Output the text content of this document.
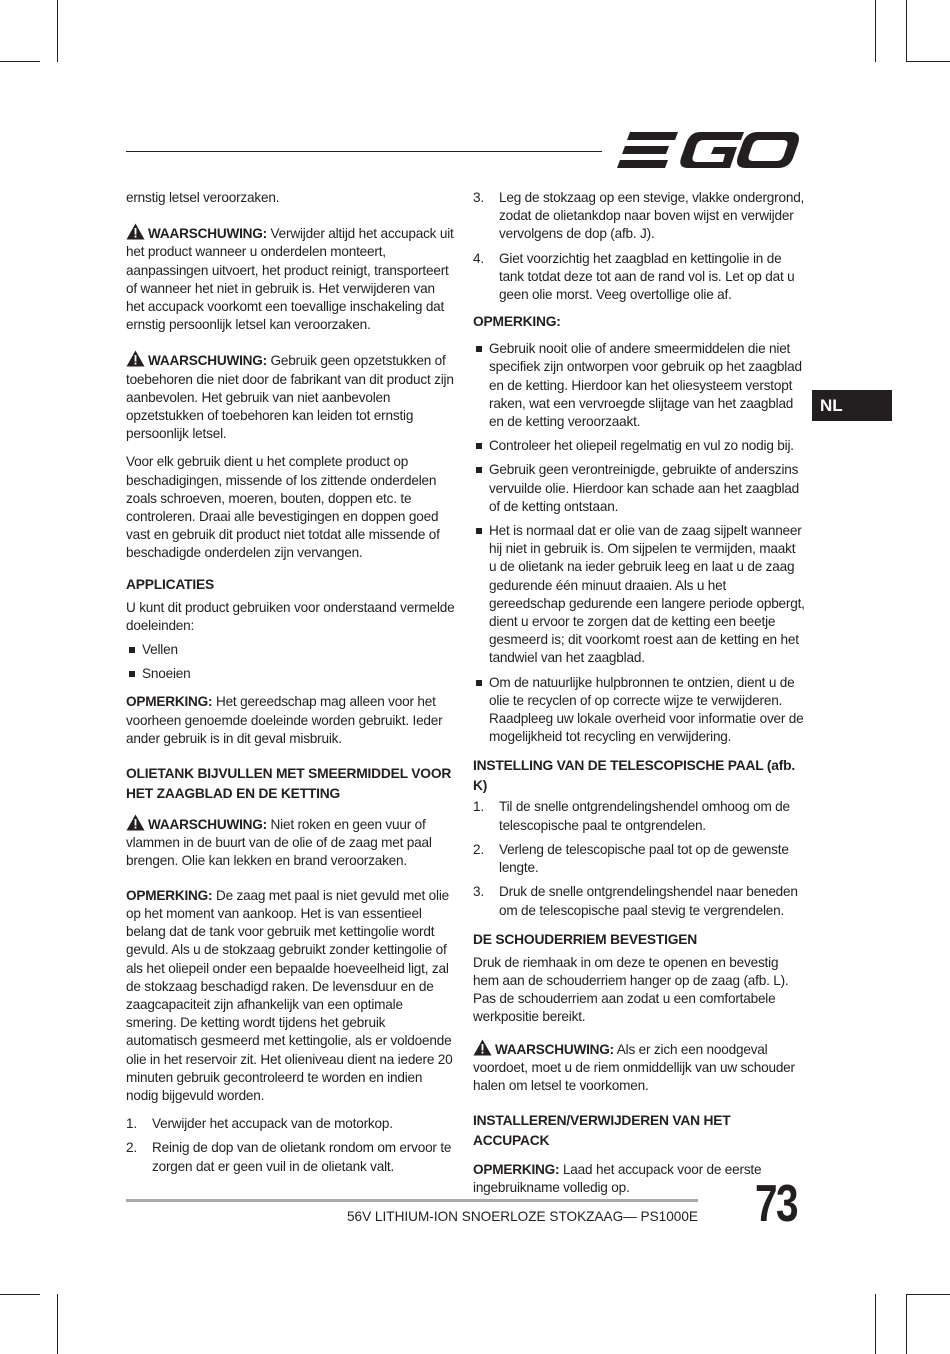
NL

ernstig letsel veroorzaken.

WAARSCHUWING: Verwijder altijd het accupack uit het product wanneer u onderdelen monteert, aanpassingen uitvoert, het product reinigt, transporteert of wanneer het niet in gebruik is. Het verwijderen van het accupack voorkomt een toevallige inschakeling dat ernstig persoonlijk letsel kan veroorzaken.

WAARSCHUWING: Gebruik geen opzetstukken of toebehoren die niet door de fabrikant van dit product zijn aanbevolen. Het gebruik van niet aanbevolen opzetstukken of toebehoren kan leiden tot ernstig persoonlijk letsel.

Voor elk gebruik dient u het complete product op beschadigingen, missende of los zittende onderdelen zoals schroeven, moeren, bouten, doppen etc. te controleren. Draai alle bevestigingen en doppen goed vast en gebruik dit product niet totdat alle missende of beschadigde onderdelen zijn vervangen.

APPLICATIES

U kunt dit product gebruiken voor onderstaand vermelde doeleinden:

Vellen
Snoeien

OPMERKING: Het gereedschap mag alleen voor het voorheen genoemde doeleinde worden gebruikt. Ieder ander gebruik is in dit geval misbruik.

OLIETANK BIJVULLEN MET SMEERMIDDEL VOOR HET ZAAGBLAD EN DE KETTING

WAARSCHUWING: Niet roken en geen vuur of vlammen in de buurt van de olie of de zaag met paal brengen. Olie kan lekken en brand veroorzaken.

OPMERKING: De zaag met paal is niet gevuld met olie op het moment van aankoop. Het is van essentieel belang dat de tank voor gebruik met kettingolie wordt gevuld. Als u de stokzaag gebruikt zonder kettingolie of als het oliepeil onder een bepaalde hoeveelheid ligt, zal de stokzaag beschadigd raken. De levensduur en de zaagcapaciteit zijn afhankelijk van een optimale smering. De ketting wordt tijdens het gebruik automatisch gesmeerd met kettingolie, als er voldoende olie in het reservoir zit. Het olieniveau dient na iedere 20 minuten gebruik gecontroleerd te worden en indien nodig bijgevuld worden.

1. Verwijder het accupack van de motorkop.
2. Reinig de dop van de olietank rondom om ervoor te zorgen dat er geen vuil in de olietank valt.
3. Leg de stokzaag op een stevige, vlakke ondergrond, zodat de olietankdop naar boven wijst en verwijder vervolgens de dop (afb. J).
4. Giet voorzichtig het zaagblad en kettingolie in de tank totdat deze tot aan de rand vol is. Let op dat u geen olie morst. Veeg overtollige olie af.

OPMERKING:

Gebruik nooit olie of andere smeermiddelen die niet specifiek zijn ontworpen voor gebruik op het zaagblad en de ketting. Hierdoor kan het oliesysteem verstopt raken, wat een vervroegde slijtage van het zaagblad en de ketting veroorzaakt.
Controleer het oliepeil regelmatig en vul zo nodig bij.
Gebruik geen verontreinigde, gebruikte of anderszins vervuilde olie. Hierdoor kan schade aan het zaagblad of de ketting ontstaan.
Het is normaal dat er olie van de zaag sijpelt wanneer hij niet in gebruik is. Om sijpelen te vermijden, maakt u de olietank na ieder gebruik leeg en laat u de zaag gedurende één minuut draaien. Als u het gereedschap gedurende een langere periode opbergt, dient u ervoor te zorgen dat de ketting een beetje gesmeerd is; dit voorkomt roest aan de ketting en het tandwiel van het zaagblad.
Om de natuurlijke hulpbronnen te ontzien, dient u de olie te recyclen of op correcte wijze te verwijderen. Raadpleeg uw lokale overheid voor informatie over de mogelijkheid tot recycling en verwijdering.

INSTELLING VAN DE TELESCOPISCHE PAAL (afb. K)

1. Til de snelle ontgrendelingshendel omhoog om de telescopische paal te ontgrendelen.
2. Verleng de telescopische paal tot op de gewenste lengte.
3. Druk de snelle ontgrendelingshendel naar beneden om de telescopische paal stevig te vergrendelen.

DE SCHOUDERRIEM BEVESTIGEN

Druk de riemhaak in om deze te openen en bevestig hem aan de schouderriem hanger op de zaag (afb. L). Pas de schouderriem aan zodat u een comfortabele werkpositie bereikt.

WAARSCHUWING: Als er zich een noodgeval voordoet, moet u de riem onmiddellijk van uw schouder halen om letsel te voorkomen.

INSTALLEREN/VERWIJDEREN VAN HET ACCUPACK

OPMERKING: Laad het accupack voor de eerste ingebruikname volledig op.

56V LITHIUM-ION SNOERLOZE STOKZAAG— PS1000E 73
